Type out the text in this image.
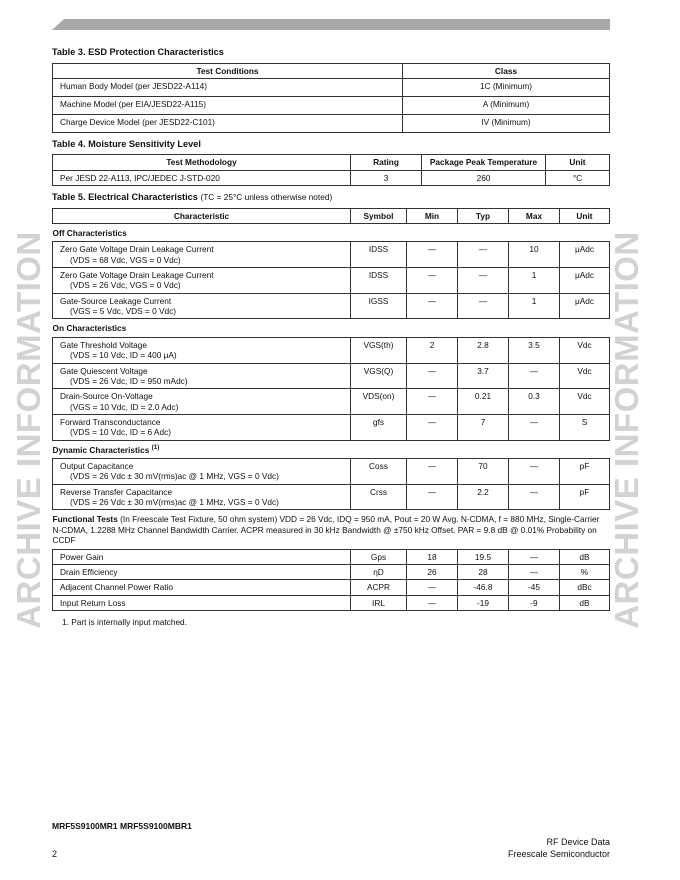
ARCHIVE INFORMATION	ARCHIVE INFORMATION
Table 3. ESD Protection Characteristics
Test Conditions	Class
Human Body Model (per JESD22-A114)	1C (Minimum)
Machine Model (per EIA/JESD22-A115)	A (Minimum)
Charge Device Model (per JESD22-C101)	IV (Minimum)
Table 4. Moisture Sensitivity Level
Test Methodology	Rating	Package Peak Temperature	Unit
Per JESD 22-A113, IPC/JEDEC J-STD-020	3	260	°C
Table 5. Electrical Characteristics (TC = 25°C unless otherwise noted)
Characteristic	Symbol	Min	Typ	Max	Unit
Off Characteristics					
Zero Gate Voltage Drain Leakage Current
(VDS = 68 Vdc, VGS = 0 Vdc)	IDSS	—	—	10	μAdc
Zero Gate Voltage Drain Leakage Current
(VDS = 26 Vdc, VGS = 0 Vdc)	IDSS	—	—	1	μAdc
Gate-Source Leakage Current
(VGS = 5 Vdc, VDS = 0 Vdc)	IGSS	—	—	1	μAdc
On Characteristics					
Gate Threshold Voltage
(VDS = 10 Vdc, ID = 400 μA)	VGS(th)	2	2.8	3.5	Vdc
Gate Quiescent Voltage
(VDS = 26 Vdc, ID = 950 mAdc)	VGS(Q)	—	3.7	—	Vdc
Drain-Source On-Voltage
(VGS = 10 Vdc, ID = 2.0 Adc)	VDS(on)	—	0.21	0.3	Vdc
Forward Transconductance
(VDS = 10 Vdc, ID = 6 Adc)	gfs	—	7	—	S
Dynamic Characteristics $^{(1)}$
Output Capacitance
(VDS = 26 Vdc ± 30 mV(rms)ac @ 1 MHz, VGS = 0 Vdc)	Coss	—	70	—	pF
Reverse Transfer Capacitance
(VDS = 26 Vdc ± 30 mV(rms)ac @ 1 MHz, VGS = 0 Vdc)	Crss	—	2.2	—	pF
Functional Tests (In Freescale Test Fixture, 50 ohm system) VDD = 26 Vdc, IDQ = 950 mA, Pout = 20 W Avg. N-CDMA, f = 880 MHz, Single-Carrier N-CDMA, 1.2288 MHz Channel Bandwidth Carrier. ACPR measured in 30 kHz Bandwidth @ ±750 kHz Offset. PAR = 9.8 dB @ 0.01% Probability on CCDF					
Power Gain	Gps	18	19.5	—	dB
Drain Efficiency	ηD	26	28	—	%
Adjacent Channel Power Ratio	ACPR	—	-46.8	-45	dBc
Input Return Loss	IRL	—	-19	-9	dB
1. Part is internally input matched.
MRF5S9100MR1 MRF5S9100MBR1
RF Device Data
2	Freescale Semiconductor
